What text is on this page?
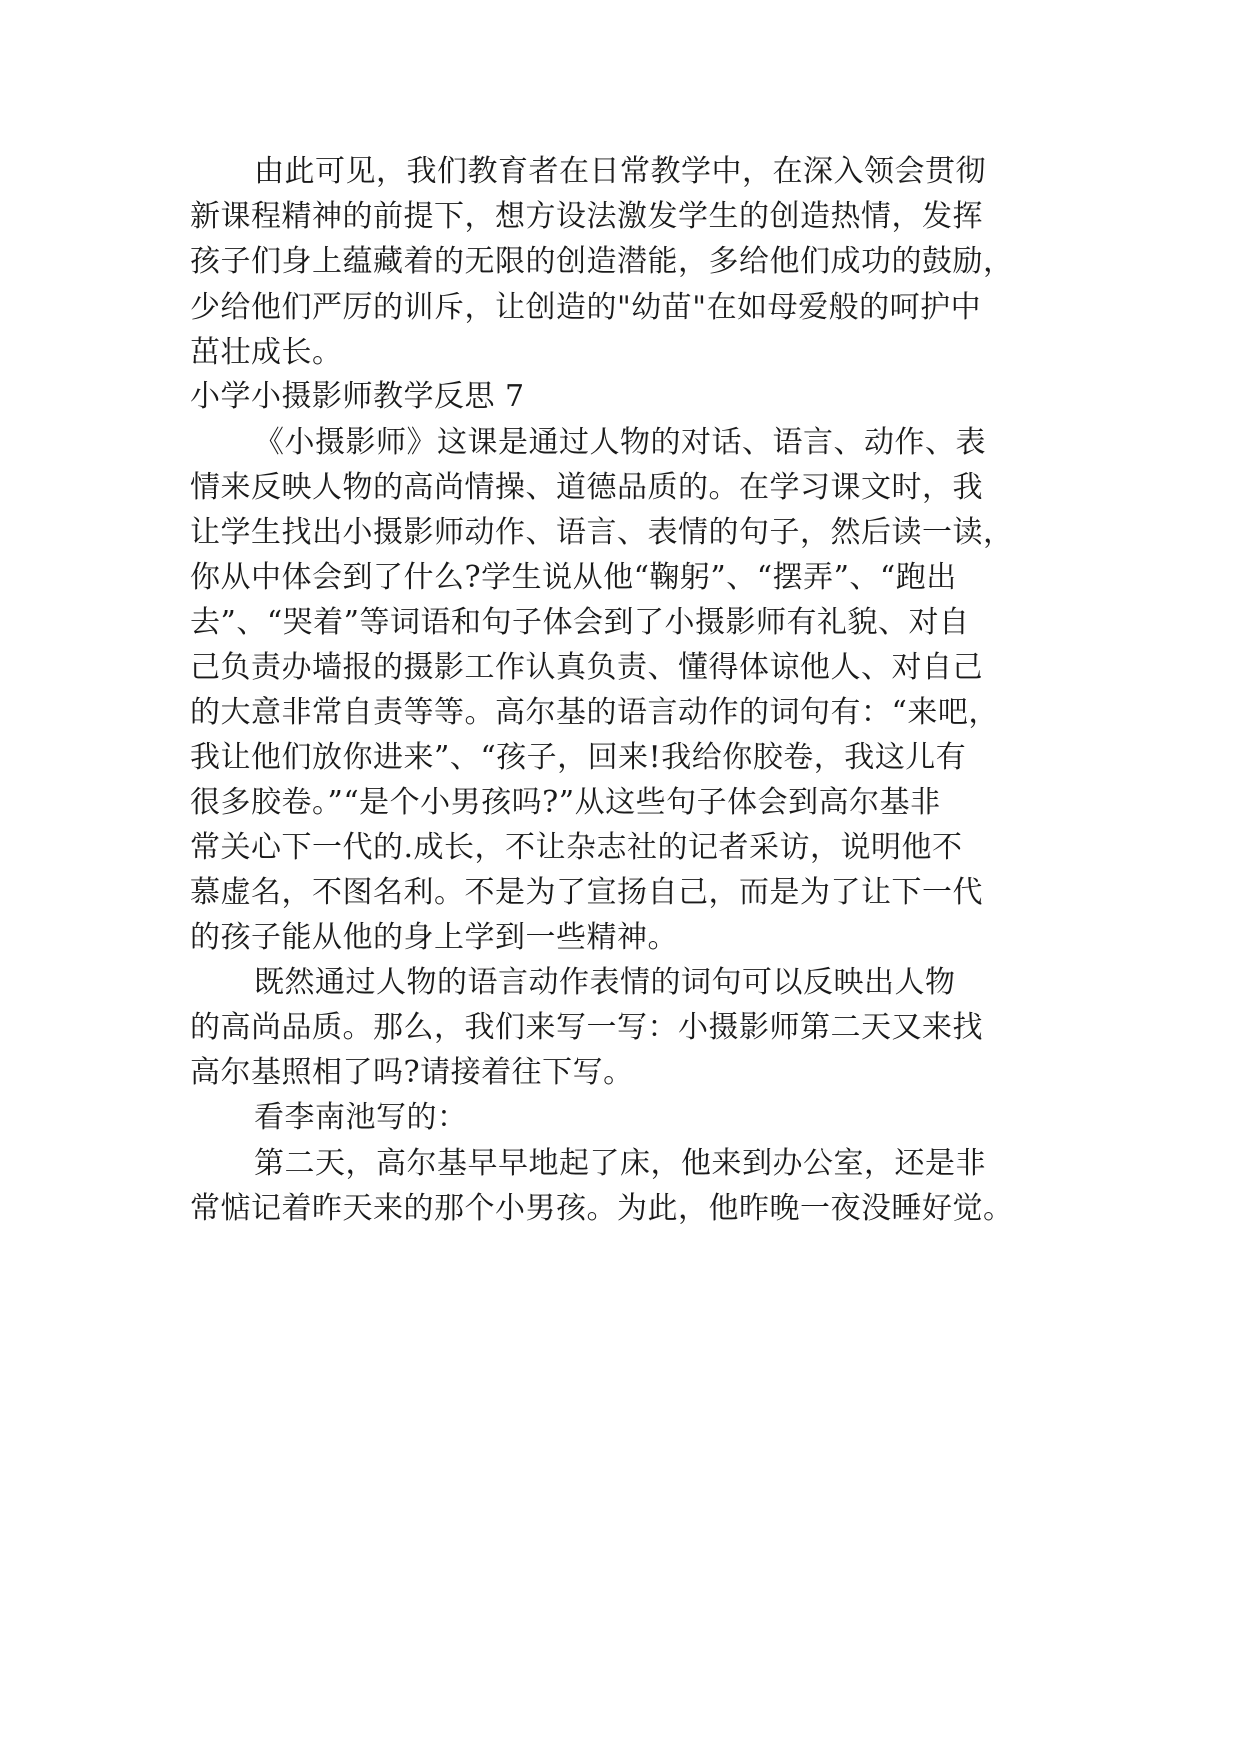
由此可见，我们教育者在日常教学中，在深入领会贯彻

新课程精神的前提下，想方设法激发学生的创造热情，发挥

孩子们身上蕴藏着的无限的创造潜能，多给他们成功的鼓励，

少给他们严厉的训斥，让创造的"幼苗"在如母爱般的呵护中

茁壮成长。

小学小摄影师教学反思 7

《小摄影师》这课是通过人物的对话、语言、动作、表

情来反映人物的高尚情操、道德品质的。在学习课文时，我

让学生找出小摄影师动作、语言、表情的句子，然后读一读，

你从中体会到了什么?学生说从他“鞠躬”、“摆弄”、“跑出

去”、“哭着”等词语和句子体会到了小摄影师有礼貌、对自

己负责办墙报的摄影工作认真负责、懂得体谅他人、对自己

的大意非常自责等等。高尔基的语言动作的词句有：“来吧，

我让他们放你进来”、“孩子，回来!我给你胶卷，我这儿有

很多胶卷。”“是个小男孩吗?”从这些句子体会到高尔基非

常关心下一代的.成长，不让杂志社的记者采访，说明他不

慕虚名，不图名利。不是为了宣扬自己，而是为了让下一代

的孩子能从他的身上学到一些精神。

既然通过人物的语言动作表情的词句可以反映出人物

的高尚品质。那么，我们来写一写：小摄影师第二天又来找

高尔基照相了吗?请接着往下写。

看李南池写的：

第二天，高尔基早早地起了床，他来到办公室，还是非

常惦记着昨天来的那个小男孩。为此，他昨晚一夜没睡好觉。
